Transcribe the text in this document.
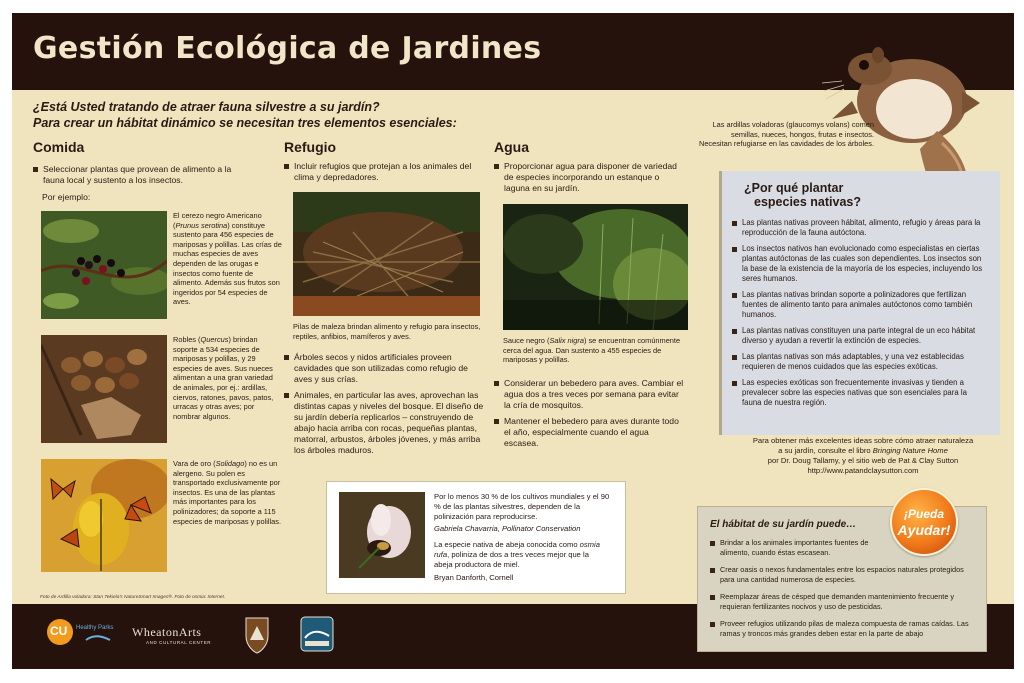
Gestión Ecológica de Jardines
CU Healthy Parks WheatonArts
AND CULTURAL CENTER
¿Está Usted tratando de atraer fauna silvestre a su jardín?
Para crear un hábitat dinámico se necesitan tres elementos esenciales:
Comida
Seleccionar plantas que provean de alimento a la fauna local y sustento a los insectos.
Por ejemplo:
El cerezo negro Americano (Prunus serotina) constituye sustento para 456 especies de mariposas y polillas. Las crías de muchas especies de aves dependen de las orugas e insectos como fuente de alimento. Además sus frutos son ingeridos por 54 especies de aves.
Robles (Quercus) brindan soporte a 534 especies de mariposas y polillas, y 29 especies de aves. Sus nueces alimentan a una gran variedad de animales, por ej.: ardillas, ciervos, ratones, pavos, patos, urracas y otras aves; por nombrar algunos.
Vara de oro (Solidago) no es un alergeno. Su polen es transportado exclusivamente por insectos. Es una de las plantas más importantes para los polinizadores; da soporte a 115 especies de mariposas y polillas.
Refugio
Incluir refugios que protejan a los animales del clima y depredadores.
Pilas de maleza brindan alimento y refugio para insectos, reptiles, anfibios, mamíferos y aves.
Árboles secos y nidos artificiales proveen cavidades que son utilizadas como refugio de aves y sus crías.
Animales, en particular las aves, aprovechan las distintas capas y niveles del bosque. El diseño de su jardín debería replicarlos – construyendo de abajo hacia arriba con rocas, pequeñas plantas, matorral, arbustos, árboles jóvenes, y más arriba los árboles maduros.
Agua
Proporcionar agua para disponer de variedad de especies incorporando un estanque o laguna en su jardín.
Sauce negro (Salix nigra) se encuentran comúnmente cerca del agua. Dan sustento a 455 especies de mariposas y polillas.
Considerar un bebedero para aves. Cambiar el agua dos a tres veces por semana para evitar la cría de mosquitos.
Mantener el bebedero para aves durante todo el año, especialmente cuando el agua escasea.
Las ardillas voladoras (glaucomys volans) comen
semillas, nueces, hongos, frutas e insectos.
Necesitan refugiarse en las cavidades de los árboles.
¿Por qué plantar
especies nativas?
Las plantas nativas proveen hábitat, alimento, refugio y áreas para la reproducción de la fauna autóctona.
Los insectos nativos han evolucionado como especialistas en ciertas plantas autóctonas de las cuales son dependientes. Los insectos son la base de la existencia de la mayoría de los especies, incluyendo los seres humanos.
Las plantas nativas brindan soporte a polinizadores que fertilizan fuentes de alimento tanto para animales autóctonos como también humanos.
Las plantas nativas constituyen una parte integral de un eco hábitat diverso y ayudan a revertir la extinción de especies.
Las plantas nativas son más adaptables, y una vez establecidas requieren de menos cuidados que las especies exóticas.
Las especies exóticas son frecuentemente invasivas y tienden a prevalecer sobre las especies nativas que son esenciales para la fauna de nuestra región.
Para obtener más excelentes ideas sobre cómo atraer naturaleza
a su jardín, consulte el libro Bringing Nature Home
por Dr. Doug Tallamy, y el sitio web de Pat & Clay Sutton
http://www.patandclaysutton.com
Por lo menos 30 % de los cultivos mundiales y el 90 % de las plantas silvestres, dependen de la polinización para reproducirse.
Gabriela Chavarria, Pollinator Conservation
La especie nativa de abeja conocida como osmia rufa, poliniza de dos a tres veces mejor que la abeja productora de miel.
Bryan Danforth, Cornell
El hábitat de su jardín puede…
Brindar a los animales importantes fuentes de alimento, cuando éstas escasean.
Crear oasis o nexos fundamentales entre los espacios naturales protegidos para una cantidad numerosa de especies.
Reemplazar áreas de césped que demanden mantenimiento frecuente y requieran fertilizantes nocivos y uso de pesticidas.
Proveer refugios utilizando pilas de maleza compuesta de ramas caídas. Las ramas y troncos más grandes deben estar en la parte de abajo
¡Pueda
Ayudar!
Foto de Ardilla voladora: Stan Tekiela's NatureSmart Images®. Foto de osmia: Internet.
